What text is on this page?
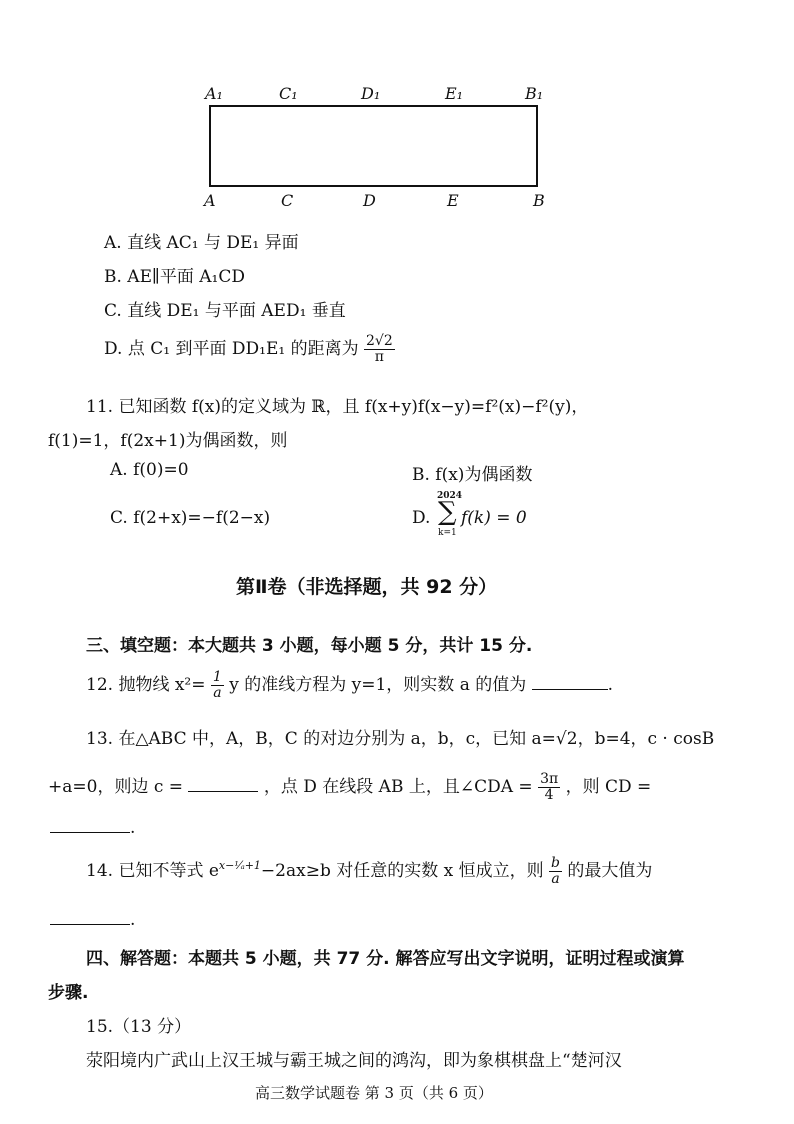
A₁	C₁	D₁	E₁	B₁
A	C	D	E	B
A. 直线 AC₁ 与 DE₁ 异面
B. AE∥平面 A₁CD
C. 直线 DE₁ 与平面 AED₁ 垂直
D. 点 C₁ 到平面 DD₁E₁ 的距离为 $\frac{2√2}{\pi}$
11. 已知函数 f(x)的定义域为 ℝ，且 f(x+y)f(x−y)=f²(x)−f²(y)，
f(1)=1，f(2x+1)为偶函数，则
A. f(0)=0	B. f(x)为偶函数
C. f(2+x)=−f(2−x)	D.
2024
∑
k=1
f(k) = 0
第Ⅱ卷（非选择题，共 92 分）
三、填空题：本大题共 3 小题，每小题 5 分，共计 15 分.
12. 抛物线 $x^2= \frac{1}{a}$ y 的准线方程为 y=1，则实数 a 的值为	.
13. 在△ABC 中，A，B，C 的对边分别为 a，b，c，已知 a=√2，b=4，c · cosB
+a=0，则边 c =	，点 D 在线段 AB 上，且∠CDA = $\frac{3\pi}{4}$ ，则 CD =
.
14. 已知不等式 $e^{x-^1⁄_a+1}-2ax\ge b$ 对任意的实数 x 恒成立，则 $\frac{b}{a}$ 的最大值为
.
四、解答题：本题共 5 小题，共 77 分. 解答应写出文字说明，证明过程或演算
步骤.
15.（13 分）
荥阳境内广武山上汉王城与霸王城之间的鸿沟，即为象棋棋盘上“楚河汉
高三数学试题卷 第 3 页（共 6 页）
